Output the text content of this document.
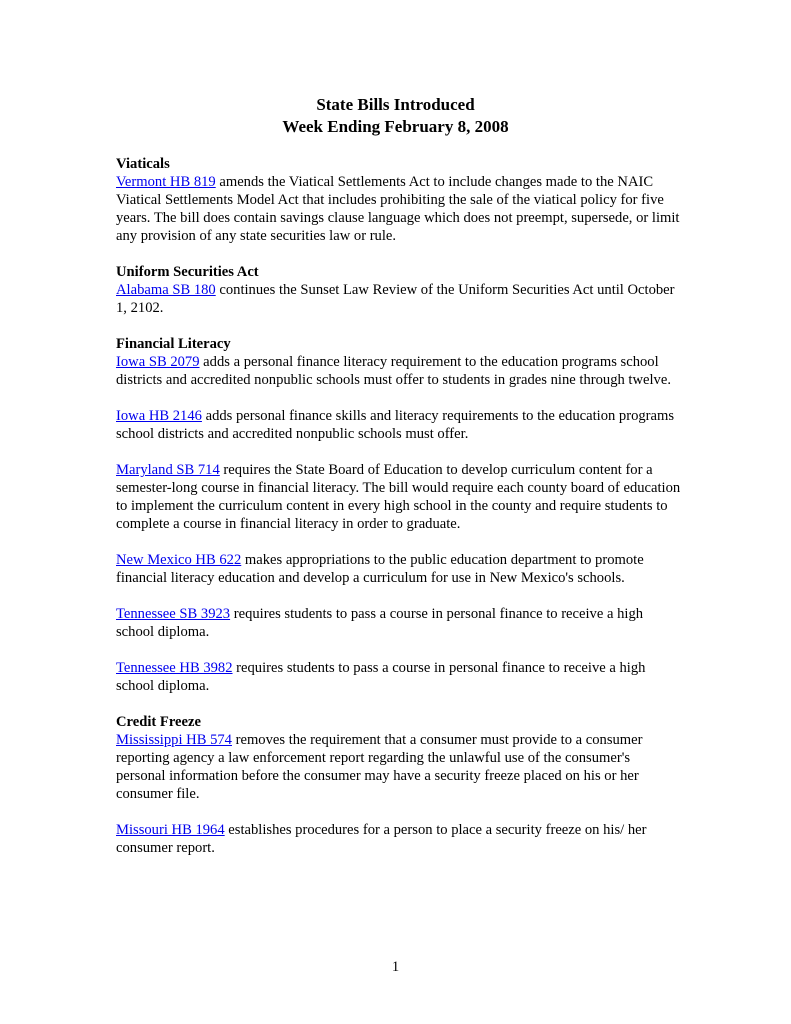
State Bills Introduced

Week Ending February 8, 2008

Viaticals

Vermont HB 819 amends the Viatical Settlements Act to include changes made to the NAIC Viatical Settlements Model Act that includes prohibiting the sale of the viatical policy for five years. The bill does contain savings clause language which does not preempt, supersede, or limit any provision of any state securities law or rule.

Uniform Securities Act

Alabama SB 180 continues the Sunset Law Review of the Uniform Securities Act until October 1, 2102.

Financial Literacy

Iowa SB 2079 adds a personal finance literacy requirement to the education programs school districts and accredited nonpublic schools must offer to students in grades nine through twelve.

Iowa HB 2146 adds personal finance skills and literacy requirements to the education programs school districts and accredited nonpublic schools must offer.

Maryland SB 714 requires the State Board of Education to develop curriculum content for a semester-long course in financial literacy. The bill would require each county board of education to implement the curriculum content in every high school in the county and require students to complete a course in financial literacy in order to graduate.

New Mexico HB 622 makes appropriations to the public education department to promote financial literacy education and develop a curriculum for use in New Mexico's schools.

Tennessee SB 3923 requires students to pass a course in personal finance to receive a high school diploma.

Tennessee HB 3982 requires students to pass a course in personal finance to receive a high school diploma.

Credit Freeze

Mississippi HB 574 removes the requirement that a consumer must provide to a consumer reporting agency a law enforcement report regarding the unlawful use of the consumer's personal information before the consumer may have a security freeze placed on his or her consumer file.

Missouri HB 1964 establishes procedures for a person to place a security freeze on his/ her consumer report.

1
